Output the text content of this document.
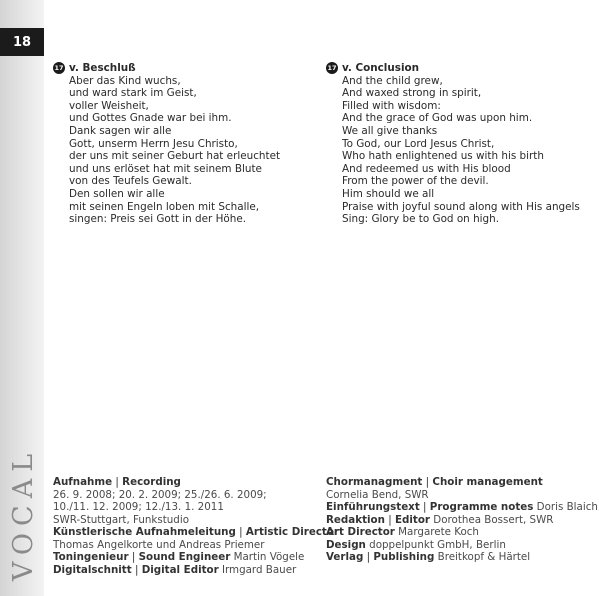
18
VOCAL
17 v. Beschluß
Aber das Kind wuchs,
und ward stark im Geist,
voller Weisheit,
und Gottes Gnade war bei ihm.
Dank sagen wir alle
Gott, unserm Herrn Jesu Christo,
der uns mit seiner Geburt hat erleuchtet
und uns erlöset hat mit seinem Blute
von des Teufels Gewalt.
Den sollen wir alle
mit seinen Engeln loben mit Schalle,
singen: Preis sei Gott in der Höhe.
17 v. Conclusion
And the child grew,
And waxed strong in spirit,
Filled with wisdom:
And the grace of God was upon him.
We all give thanks
To God, our Lord Jesus Christ,
Who hath enlightened us with his birth
And redeemed us with His blood
From the power of the devil.
Him should we all
Praise with joyful sound along with His angels
Sing: Glory be to God on high.
Aufnahme | Recording
26. 9. 2008; 20. 2. 2009; 25./26. 6. 2009;
10./11. 12. 2009; 12./13. 1. 2011
SWR-Stuttgart, Funkstudio
Künstlerische Aufnahmeleitung | Artistic Director
Thomas Angelkorte und Andreas Priemer
Toningenieur | Sound Engineer Martin Vögele
Digitalschnitt | Digital Editor Irmgard Bauer
Chormanagment | Choir management
Cornelia Bend, SWR
Einführungstext | Programme notes Doris Blaich
Redaktion | Editor Dorothea Bossert, SWR
Art Director Margarete Koch
Design doppelpunkt GmbH, Berlin
Verlag | Publishing Breitkopf & Härtel
